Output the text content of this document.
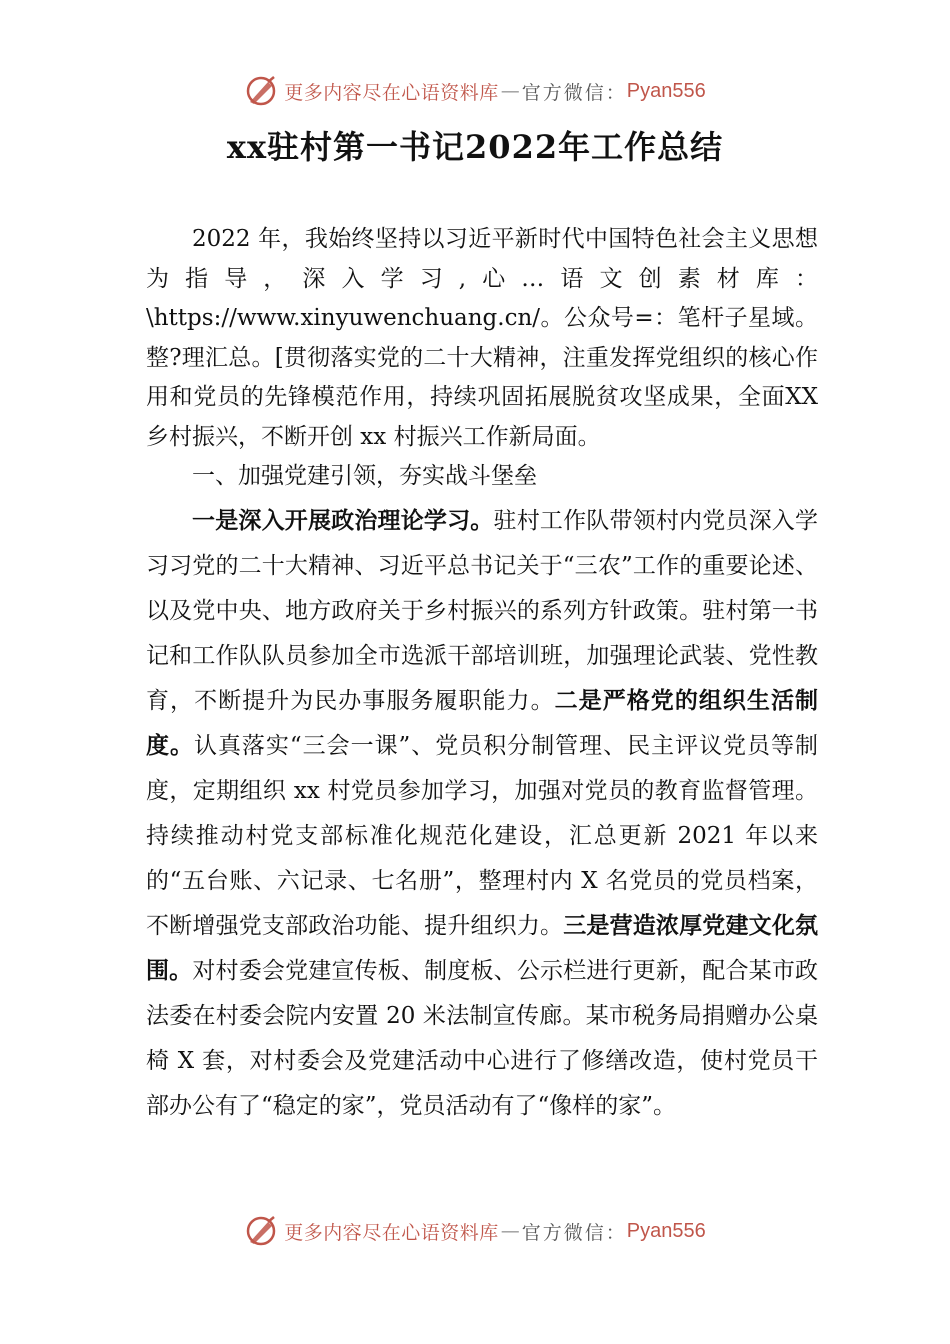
更多内容尽在心语资料库 — 官方微信： Pyan556
xx驻村第一书记2022年工作总结

2022 年，我始终坚持以习近平新时代中国特色社会主义思想为指导，深入学习,心…语文创素材库：\https://www.xinyuwenchuang.cn/。公众号=：笔杆子星域。整?理汇总。[贯彻落实党的二十大精神，注重发挥党组织的核心作用和党员的先锋模范作用，持续巩固拓展脱贫攻坚成果，全面XX乡村振兴，不断开创 xx 村振兴工作新局面。

一、加强党建引领，夯实战斗堡垒

一是深入开展政治理论学习。驻村工作队带领村内党员深入学习习党的二十大精神、习近平总书记关于“三农”工作的重要论述、以及党中央、地方政府关于乡村振兴的系列方针政策。驻村第一书记和工作队队员参加全市选派干部培训班，加强理论武装、党性教育，不断提升为民办事服务履职能力。二是严格党的组织生活制度。认真落实“三会一课”、党员积分制管理、民主评议党员等制度，定期组织 xx 村党员参加学习，加强对党员的教育监督管理。持续推动村党支部标准化规范化建设，汇总更新 2021 年以来的“五台账、六记录、七名册”，整理村内 X 名党员的党员档案，不断增强党支部政治功能、提升组织力。三是营造浓厚党建文化氛围。对村委会党建宣传板、制度板、公示栏进行更新，配合某市政法委在村委会院内安置 20 米法制宣传廊。某市税务局捐赠办公桌椅 X 套，对村委会及党建活动中心进行了修缮改造，使村党员干部办公有了“稳定的家”，党员活动有了“像样的家”。

更多内容尽在心语资料库 — 官方微信： Pyan556
